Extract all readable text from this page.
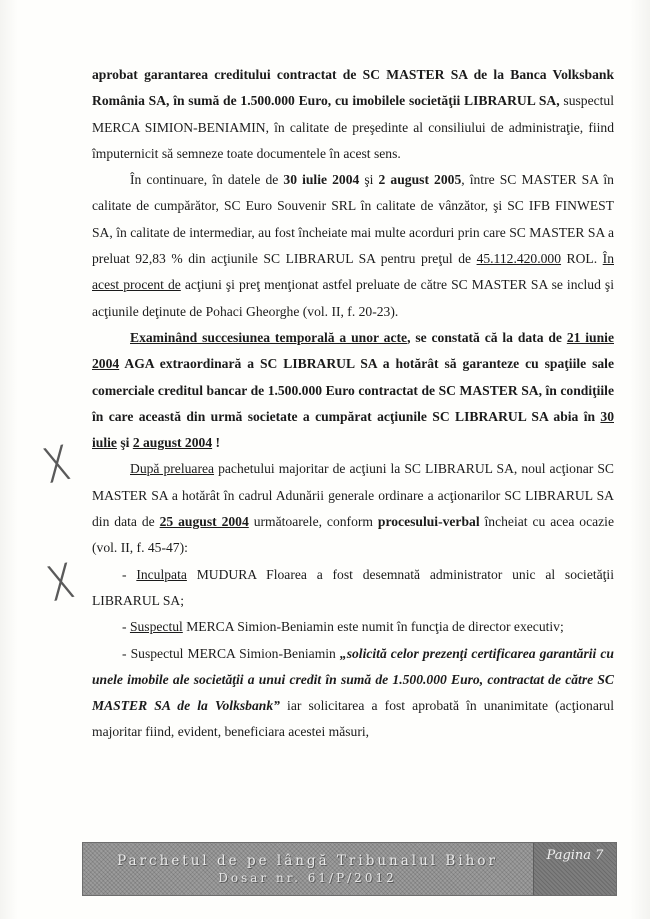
aprobat garantarea creditului contractat de SC MASTER SA de la Banca Volksbank România SA, în sumă de 1.500.000 Euro, cu imobilele societăţii LIBRARUL SA, suspectul MERCA SIMION-BENIAMIN, în calitate de preşedinte al consiliului de administraţie, fiind împuternicit să semneze toate documentele în acest sens.

În continuare, în datele de 30 iulie 2004 şi 2 august 2005, între SC MASTER SA în calitate de cumpărător, SC Euro Souvenir SRL în calitate de vânzător, şi SC IFB FINWEST SA, în calitate de intermediar, au fost încheiate mai multe acorduri prin care SC MASTER SA a preluat 92,83 % din acţiunile SC LIBRARUL SA pentru preţul de 45.112.420.000 ROL. În acest procent de acţiuni şi preţ menţionat astfel preluate de către SC MASTER SA se includ şi acţiunile deţinute de Pohaci Gheorghe (vol. II, f. 20-23).

Examinând succesiunea temporală a unor acte, se constată că la data de 21 iunie 2004 AGA extraordinară a SC LIBRARUL SA a hotărât să garanteze cu spaţiile sale comerciale creditul bancar de 1.500.000 Euro contractat de SC MASTER SA, în condiţiile în care această din urmă societate a cumpărat acţiunile SC LIBRARUL SA abia în 30 iulie şi 2 august 2004 !

După preluarea pachetului majoritar de acţiuni la SC LIBRARUL SA, noul acţionar SC MASTER SA a hotărât în cadrul Adunării generale ordinare a acţionarilor SC LIBRARUL SA din data de 25 august 2004 următoarele, conform procesului-verbal încheiat cu acea ocazie (vol. II, f. 45-47):

- Inculpata MUDURA Floarea a fost desemnată administrator unic al societăţii LIBRARUL SA;

- Suspectul MERCA Simion-Beniamin este numit în funcţia de director executiv;

- Suspectul MERCA Simion-Beniamin „solicită celor prezenţi certificarea garantării cu unele imobile ale societăţii a unui credit în sumă de 1.500.000 Euro, contractat de către SC MASTER SA de la Volksbank” iar solicitarea a fost aprobată în unanimitate (acţionarul majoritar fiind, evident, beneficiara acestei măsuri,

╳
╳
Parchetul de pe lângă Tribunalul Bihor
Dosar nr. 61/P/2012
Pagina 7
